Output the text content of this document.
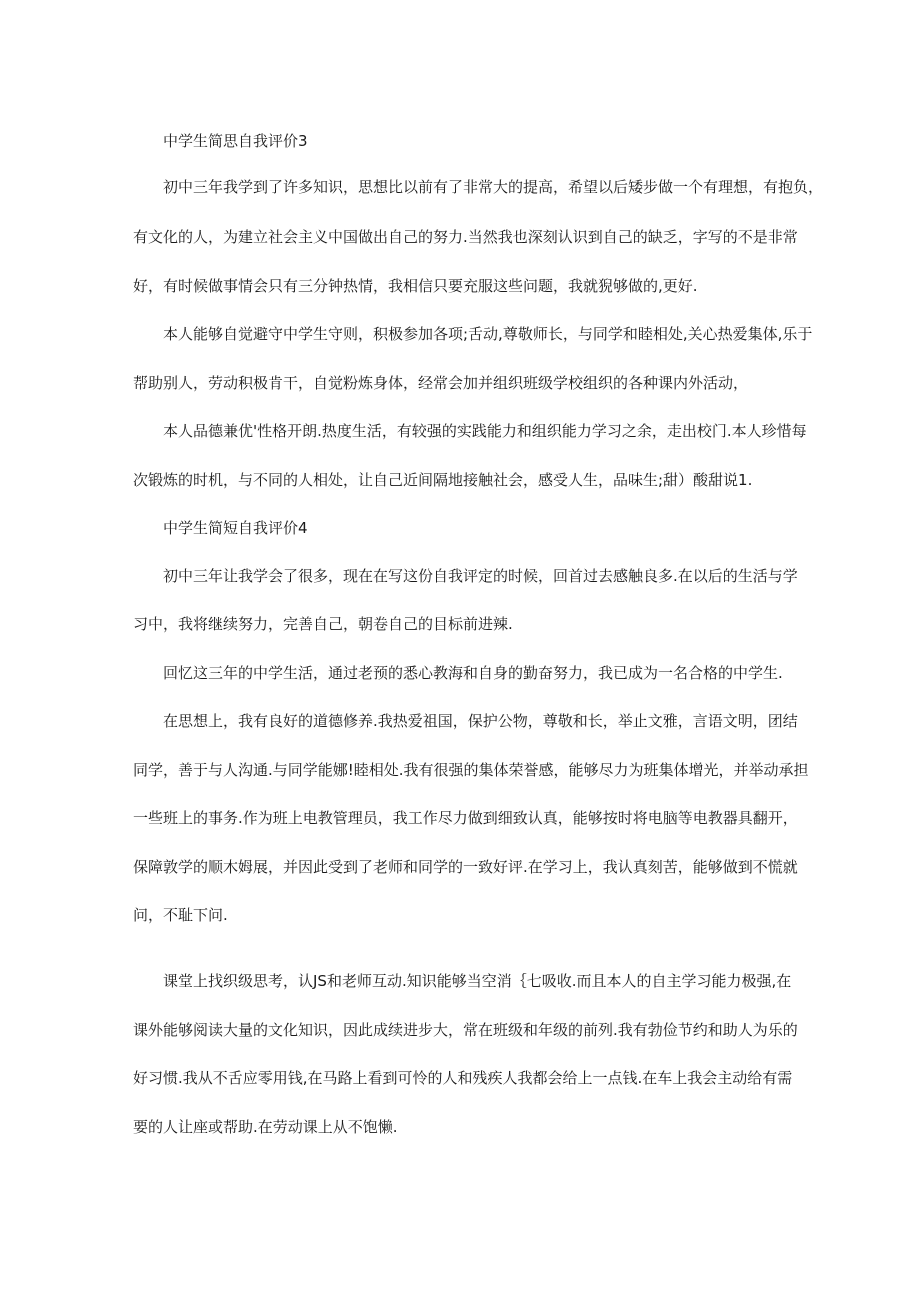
中学生简思自我评价3
初中三年我学到了许多知识，思想比以前有了非常大的提高，希望以后矮步做一个有理想，有抱负，
有文化的人，为建立社会主义中国做出自己的努力.当然我也深刻认识到自己的缺乏，字写的不是非常
好，有时候做事情会只有三分钟热情，我相信只要充服这些问题，我就猊够做的,更好.
本人能够自觉避守中学生守则，积极参加各项;舌动,尊敬师长，与同学和睦相处,关心热爱集体,乐于
帮助别人，劳动积极肯干，自觉粉炼身体，经常会加并组织班级学校组织的各种课内外活动，
本人品德兼优'性格开朗.热度生活，有较强的实践能力和组织能力学习之余，走出校门.本人珍惜每
次锻炼的时机，与不同的人相处，让自己近间隔地接触社会，感受人生，品味生;甜）酸甜说1.
中学生简短自我评价4
初中三年让我学会了很多，现在在写这份自我评定的时候，回首过去感触良多.在以后的生活与学
习中，我将继续努力，完善自己，朝卷自己的目标前进辣.
回忆这三年的中学生活，通过老预的悉心教海和自身的勤奋努力，我已成为一名合格的中学生.
在思想上，我有良好的道德修养.我热爱祖国，保护公物，尊敬和长，举止文雅，言语文明，团结
同学，善于与人沟通.与同学能娜!睦相处.我有很强的集体荣誉感，能够尽力为班集体增光，并举动承担
一些班上的事务.作为班上电教管理员，我工作尽力做到细致认真，能够按时将电脑等电教器具翻开，
保障敦学的顺木姆展，并因此受到了老师和同学的一致好评.在学习上，我认真刻苦，能够做到不慌就
问，不耻下问.
课堂上找织级思考，认JS和老师互动.知识能够当空消｛七吸收.而且本人的自主学习能力极强,在
课外能够阅读大量的文化知识，因此成续进步大，常在班级和年级的前列.我有勃俭节约和助人为乐的
好习惯.我从不舌应零用钱,在马路上看到可怜的人和残疾人我都会给上一点钱.在车上我会主动给有需
要的人让座或帮助.在劳动课上从不饱懒.
